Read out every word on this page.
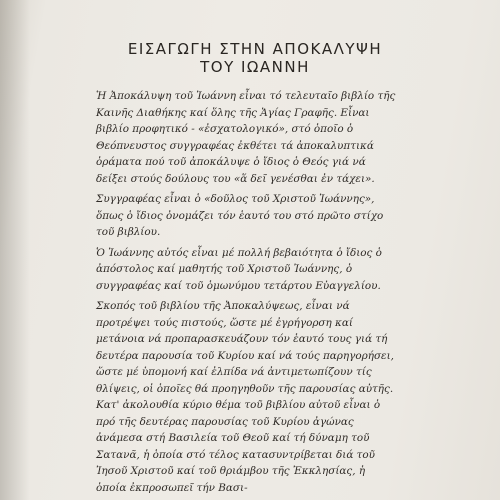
ΕΙΣΑΓΩΓΗ ΣΤΗΝ ΑΠΟΚΑΛΥΨΗ
ΤΟΥ ΙΩΑΝΝΗ

Ἡ Ἀποκάλυψη τοῦ Ἰωάννη εἶναι τό τελευταῖο βιβλίο τῆς Καινῆς Διαθήκης καί ὅλης τῆς Ἁγίας Γραφῆς. Εἶναι βιβλίο προφητικό - «ἐσχατολογικό», στό ὁποῖο ὁ Θεόπνευστος συγγραφέας ἐκθέτει τά ἀποκαλυπτικά ὁράματα πού τοῦ ἀποκάλυψε ὁ ἴδιος ὁ Θεός γιά νά δείξει στούς δούλους του «ἅ δεῖ γενέσθαι ἐν τάχει».

Συγγραφέας εἶναι ὁ «δοῦλος τοῦ Χριστοῦ Ἰωάννης», ὅπως ὁ ἴδιος ὀνομάζει τόν ἑαυτό του στό πρῶτο στίχο τοῦ βιβλίου.

Ὁ Ἰωάννης αὐτός εἶναι μέ πολλή βεβαιότητα ὁ ἴδιος ὁ ἀπόστολος καί μαθητής τοῦ Χριστοῦ Ἰωάννης, ὁ συγγραφέας καί τοῦ ὁμωνύμου τετάρτου Εὐαγγελίου.

Σκοπός τοῦ βιβλίου τῆς Ἀποκαλύψεως, εἶναι νά προτρέψει τούς πιστούς, ὥστε μέ ἐγρήγορση καί μετάνοια νά προπαρασκευάζουν τόν ἑαυτό τους γιά τή δευτέρα παρουσία τοῦ Κυρίου καί νά τούς παρηγορήσει, ὥστε μέ ὑπομονή καί ἐλπίδα νά ἀντιμετωπίζουν τίς θλίψεις, οἱ ὁποῖες θά προηγηθοῦν τῆς παρουσίας αὐτῆς. Κατ' ἀκολουθία κύριο θέμα τοῦ βιβλίου αὐτοῦ εἶναι ὁ πρό τῆς δευτέρας παρουσίας τοῦ Κυρίου ἀγώνας ἀνάμεσα στή Βασιλεία τοῦ Θεοῦ καί τή δύναμη τοῦ Σατανᾶ, ἡ ὁποία στό τέλος κατασυντρίβεται διά τοῦ Ἰησοῦ Χριστοῦ καί τοῦ θριάμβου τῆς Ἐκκλησίας, ἡ ὁποία ἐκπροσωπεῖ τήν Βασι-
